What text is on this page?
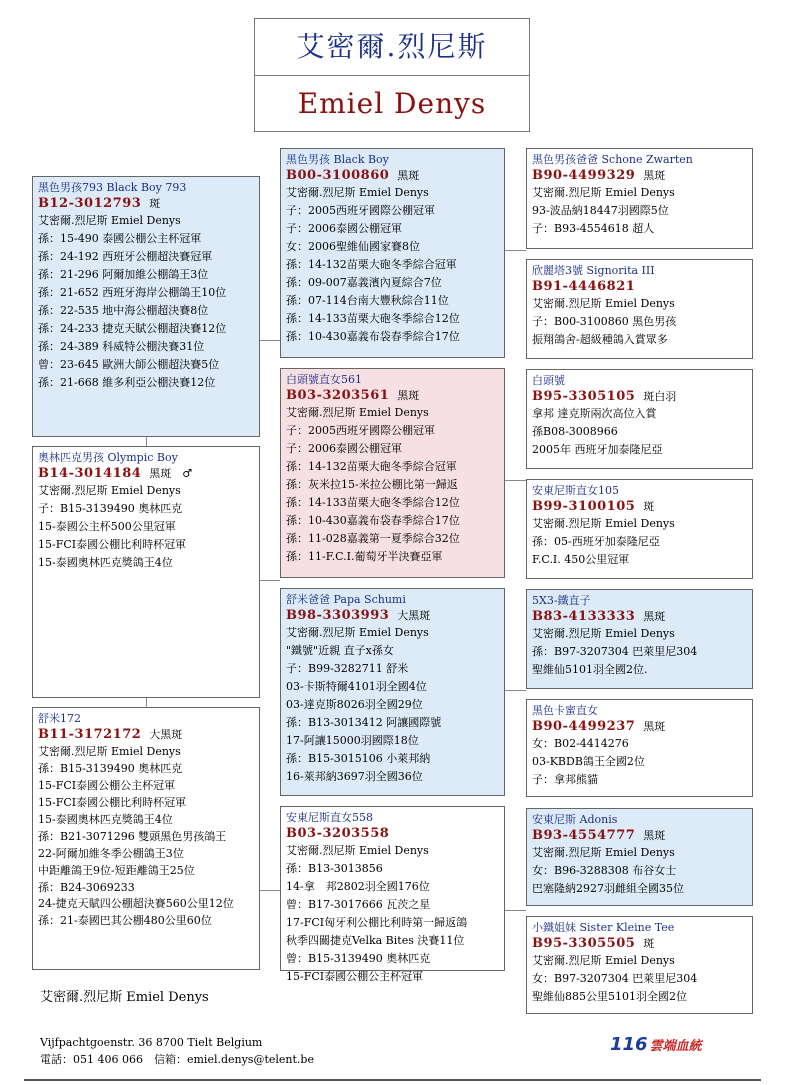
艾密爾.烈尼斯
Emiel Denys
黑色男孩793 Black Boy 793
B12-3012793 斑
艾密爾.烈尼斯 Emiel Denys
孫：15-490 泰國公棚公主杯冠軍
孫：24-192 西班牙公棚超決賽冠軍
孫：21-296 阿爾加維公棚鴿王3位
孫：21-652 西班牙海岸公棚鴿王10位
孫：22-535 地中海公棚超決賽8位
孫：24-233 捷克天賦公棚超決賽12位
孫：24-389 科威特公棚決賽31位
曾：23-645 歐洲大師公棚超決賽5位
孫：21-668 維多利亞公棚決賽12位
奧林匹克男孩 Olympic Boy
B14-3014184 黑斑　♂
艾密爾.烈尼斯 Emiel Denys
子：B15-3139490 奧林匹克
15-泰國公主杯500公里冠軍
15-FCI泰國公棚比利時杯冠軍
15-泰國奧林匹克獎鴿王4位
舒米172
B11-3172172 大黑斑
艾密爾.烈尼斯 Emiel Denys
孫：B15-3139490 奧林匹克
15-FCI泰國公棚公主杯冠軍
15-FCI泰國公棚比利時杯冠軍
15-泰國奧林匹克獎鴿王4位
孫：B21-3071296 雙頭黑色男孩鴿王
22-阿爾加維冬季公棚鴿王3位
中距離鴿王9位-短距離鴿王25位
孫：B24-3069233
24-捷克天賦四公棚超決賽560公里12位
孫：21-泰國巴其公棚480公里60位
黑色男孩 Black Boy
B00-3100860 黑斑
艾密爾.烈尼斯 Emiel Denys
子：2005西班牙國際公棚冠軍
子：2006泰國公棚冠軍
女：2006聖維仙國家賽8位
孫：14-132苗栗大砲冬季綜合冠軍
孫：09-007嘉義濱內夏綜合7位
孫：07-114台南大豐秋綜合11位
孫：14-133苗栗大砲冬季綜合12位
孫：10-430嘉義布袋春季綜合17位
白頭號直女561
B03-3203561 黑斑
艾密爾.烈尼斯 Emiel Denys
子：2005西班牙國際公棚冠軍
子：2006泰國公棚冠軍
孫：14-132苗栗大砲冬季綜合冠軍
孫：灰米拉15-米拉公棚比第一歸返
孫：14-133苗栗大砲冬季綜合12位
孫：10-430嘉義布袋春季綜合17位
孫：11-028嘉義第一夏季綜合32位
孫：11-F.C.I.葡萄牙半決賽亞軍
舒米爸爸 Papa Schumi
B98-3303993 大黑斑
艾密爾.烈尼斯 Emiel Denys
"鐵號"近親 直子x孫女
子：B99-3282711 舒米
03-卡斯特爾4101羽全國4位
03-達克斯8026羽全國29位
孫：B13-3013412 阿讓國際號
17-阿讓15000羽國際18位
孫：B15-3015106 小萊邦納
16-萊邦納3697羽全國36位
安東尼斯直女558
B03-3203558
艾密爾.烈尼斯 Emiel Denys
孫：B13-3013856
14-拿　邦2802羽全國176位
曾：B17-3017666 瓦茨之星
17-FCI匈牙利公棚比利時第一歸返鴿
秋季四關捷克Velka Bites 決賽11位
曾：B15-3139490 奧林匹克
15-FCI泰國公棚公主杯冠軍
黑色男孩爸爸 Schone Zwarten
B90-4499329 黑斑
艾密爾.烈尼斯 Emiel Denys
93-波品納18447羽國際5位
子：B93-4554618 超人
欣麗塔3號 Signorita III
B91-4446821
艾密爾.烈尼斯 Emiel Denys
子：B00-3100860 黑色男孩
振翔鴿舍-超級種鴿入賞眾多
白頭號
B95-3305105 斑白羽
拿邦 達克斯兩次高位入賞
孫B08-3008966
2005年 西班牙加泰隆尼亞
安東尼斯直女105
B99-3100105 斑
艾密爾.烈尼斯 Emiel Denys
孫：05-西班牙加泰隆尼亞
F.C.I. 450公里冠軍
5X3-鐵直子
B83-4133333 黑斑
艾密爾.烈尼斯 Emiel Denys
孫：B97-3207304 巴萊里尼304
聖維仙5101羽全國2位.
黑色卡蜜直女
B90-4499237 黑斑
女：B02-4414276
03-KBDB鴿王全國2位
子：拿邦熊貓
安東尼斯 Adonis
B93-4554777 黑斑
艾密爾.烈尼斯 Emiel Denys
女：B96-3288308 布谷女士
巴塞隆納2927羽雌組全國35位
小鐵姐妹 Sister Kleine Tee
B95-3305505 斑
艾密爾.烈尼斯 Emiel Denys
女：B97-3207304 巴萊里尼304
聖維仙885公里5101羽全國2位
艾密爾.烈尼斯 Emiel Denys
Vijfpachtgoenstr. 36 8700 Tielt Belgium
電話：051 406 066　信箱：emiel.denys@telent.be
116 雲端血統
